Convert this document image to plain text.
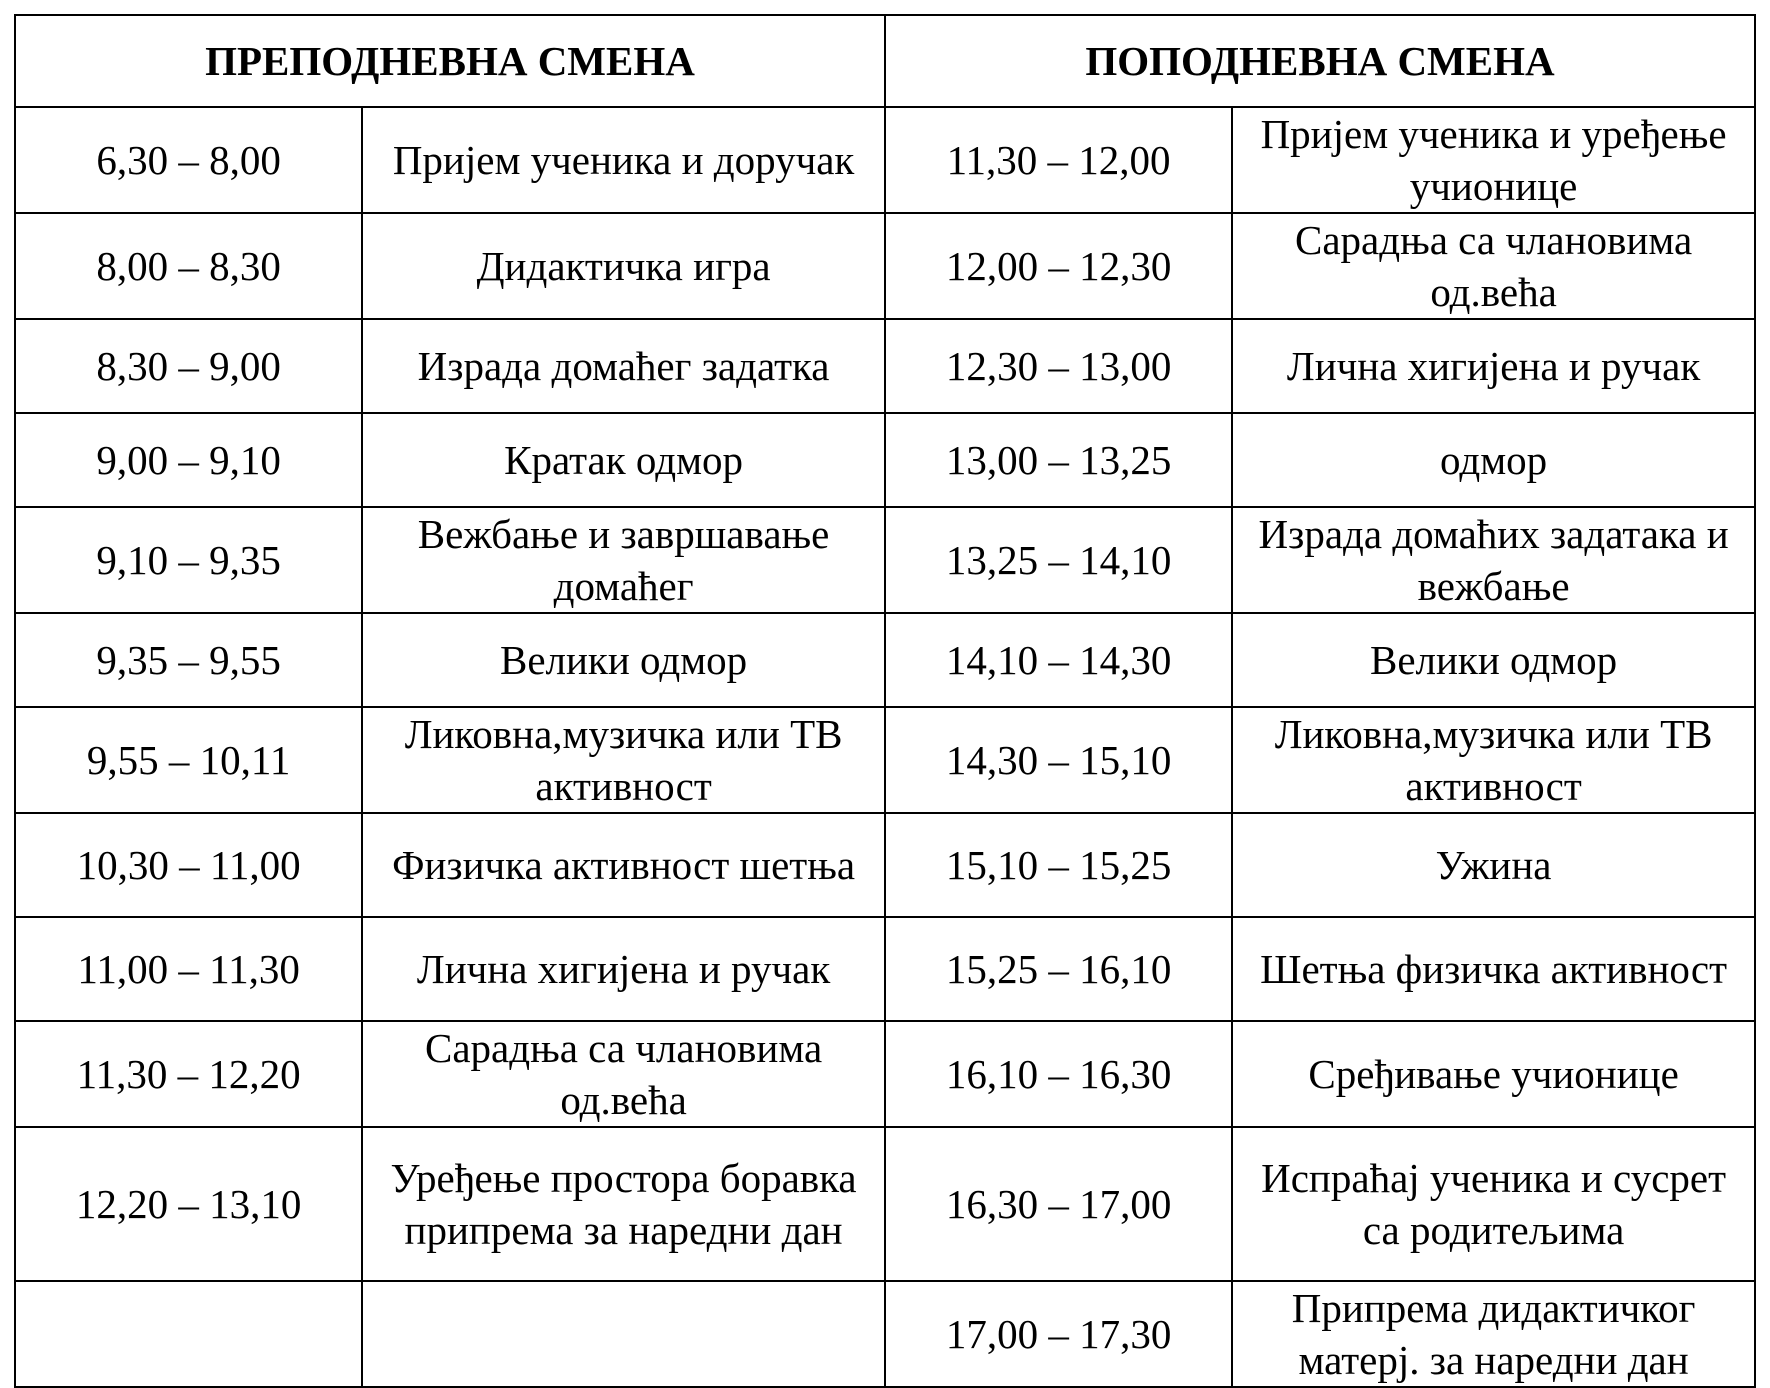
ПРЕПОДНЕВНА СМЕНА		ПОПОДНЕВНА СМЕНА	
6,30 – 8,00	Пријем ученика и доручак	11,30 – 12,00	Пријем ученика и уређење учионице
8,00 – 8,30	Дидактичка игра	12,00 – 12,30	Сарадња са члановима од.већа
8,30 – 9,00	Израда домаћег задатка	12,30 – 13,00	Лична хигијена и ручак
9,00 – 9,10	Кратак одмор	13,00 – 13,25	одмор
9,10 – 9,35	Вежбање и завршавање домаћег	13,25 – 14,10	Израда домаћих задатака и вежбање
9,35 – 9,55	Велики одмор	14,10 – 14,30	Велики одмор
9,55 – 10,11	Ликовна,музичка или ТВ активност	14,30 – 15,10	Ликовна,музичка или ТВ активност
10,30 – 11,00	Физичка активност шетња	15,10 – 15,25	Ужина
11,00 – 11,30	Лична хигијена и ручак	15,25 – 16,10	Шетња физичка активност
11,30 – 12,20	Сарадња са члановима од.већа	16,10 – 16,30	Сређивање учионице
12,20 – 13,10	Уређење простора боравка припрема за наредни дан	16,30 – 17,00	Испраћај ученика и сусрет са родитељима
		17,00 – 17,30	Припрема дидактичког матерј. за наредни дан
